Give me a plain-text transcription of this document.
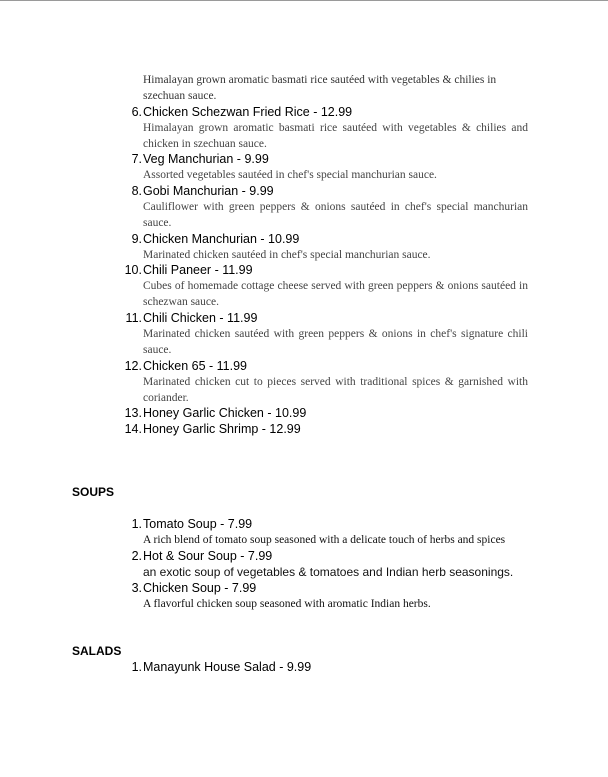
Himalayan grown aromatic basmati rice sautéed with vegetables & chilies in szechuan sauce.
6. Chicken Schezwan Fried Rice - 12.99
Himalayan grown aromatic basmati rice sautéed with vegetables & chilies and chicken in szechuan sauce.
7. Veg Manchurian - 9.99
Assorted vegetables sautéed in chef's special manchurian sauce.
8. Gobi Manchurian - 9.99
Cauliflower with green peppers & onions sautéed in chef's special manchurian sauce.
9. Chicken Manchurian - 10.99
Marinated chicken sautéed in chef's special manchurian sauce.
10. Chili Paneer - 11.99
Cubes of homemade cottage cheese served with green peppers & onions sautéed in schezwan sauce.
11. Chili Chicken - 11.99
Marinated chicken sautéed with green peppers & onions in chef's signature chili sauce.
12. Chicken 65 - 11.99
Marinated chicken cut to pieces served with traditional spices & garnished with coriander.
13. Honey Garlic Chicken - 10.99
14. Honey Garlic Shrimp - 12.99
SOUPS
1. Tomato Soup - 7.99
A rich blend of tomato soup seasoned with a delicate touch of herbs and spices
2. Hot & Sour Soup - 7.99
an exotic soup of vegetables & tomatoes and Indian herb seasonings.
3. Chicken Soup - 7.99
A flavorful chicken soup seasoned with aromatic Indian herbs.
SALADS
1. Manayunk House Salad - 9.99
